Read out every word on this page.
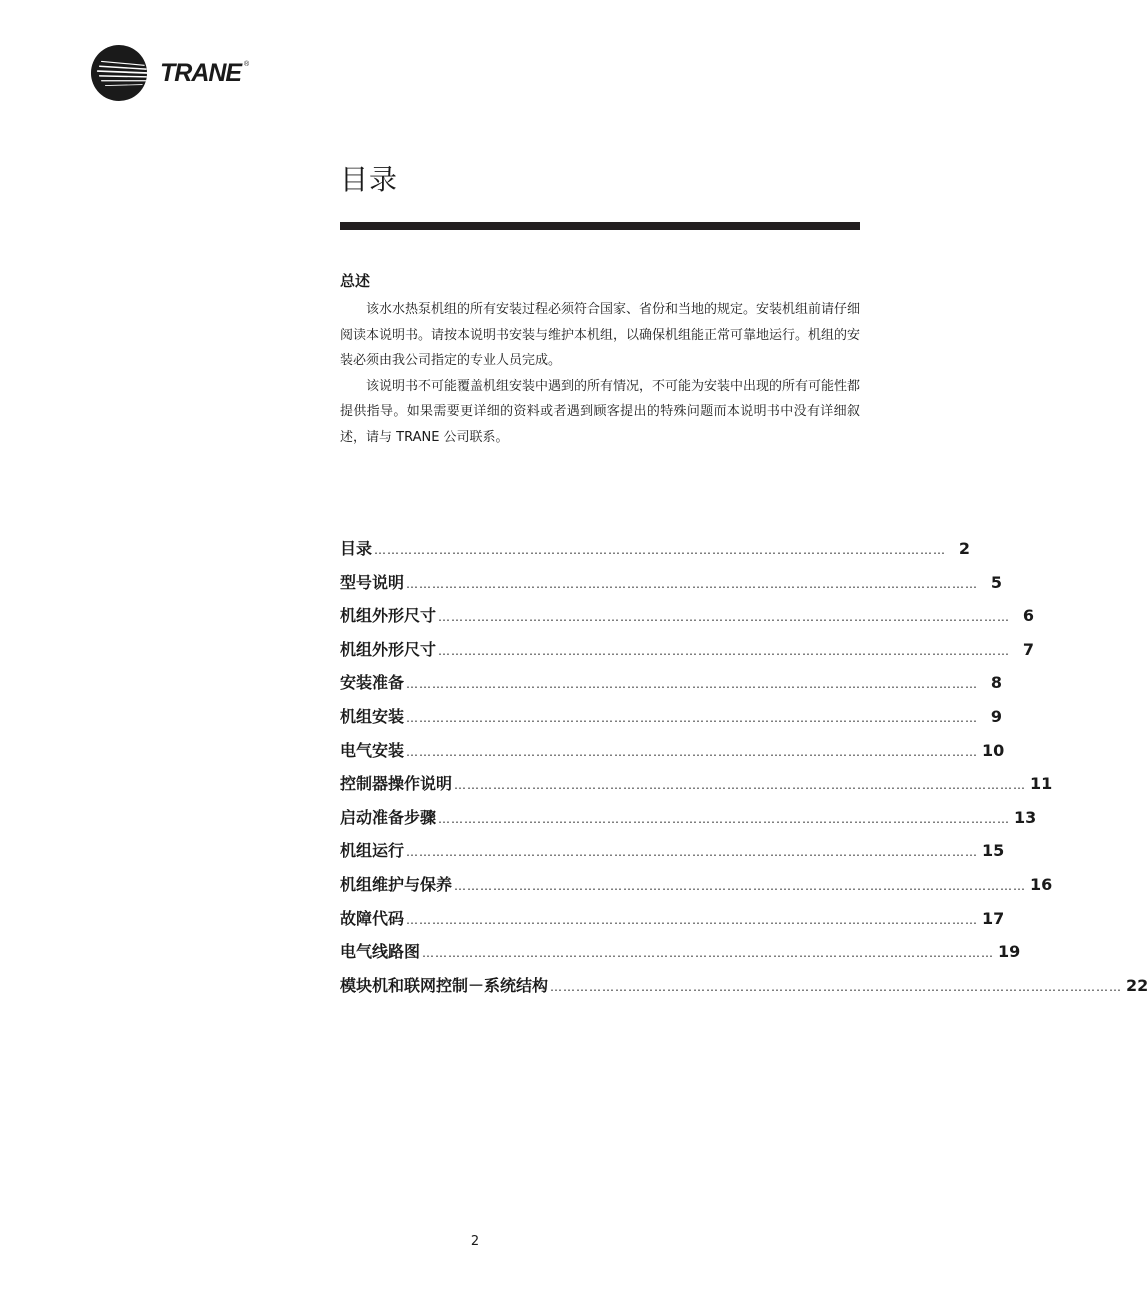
TRANE ®
目录
总述

该水水热泵机组的所有安装过程必须符合国家、省份和当地的规定。安装机组前请仔细阅读本说明书。请按本说明书安装与维护本机组，以确保机组能正常可靠地运行。机组的安装必须由我公司指定的专业人员完成。

该说明书不可能覆盖机组安装中遇到的所有情况，不可能为安装中出现的所有可能性都提供指导。如果需要更详细的资料或者遇到顾客提出的特殊问题而本说明书中没有详细叙述，请与 TRANE 公司联系。

目录 …………………………………………………………………………………………………………………… 2
型号说明 …………………………………………………………………………………………………………………… 5
机组外形尺寸 …………………………………………………………………………………………………………………… 6
机组外形尺寸 …………………………………………………………………………………………………………………… 7
安装准备 …………………………………………………………………………………………………………………… 8
机组安装 …………………………………………………………………………………………………………………… 9
电气安装 …………………………………………………………………………………………………………………… 10
控制器操作说明 …………………………………………………………………………………………………………………… 11
启动准备步骤 …………………………………………………………………………………………………………………… 13
机组运行 …………………………………………………………………………………………………………………… 15
机组维护与保养 …………………………………………………………………………………………………………………… 16
故障代码 …………………………………………………………………………………………………………………… 17
电气线路图 …………………………………………………………………………………………………………………… 19
模块机和联网控制－系统结构 …………………………………………………………………………………………………………………… 22
2
